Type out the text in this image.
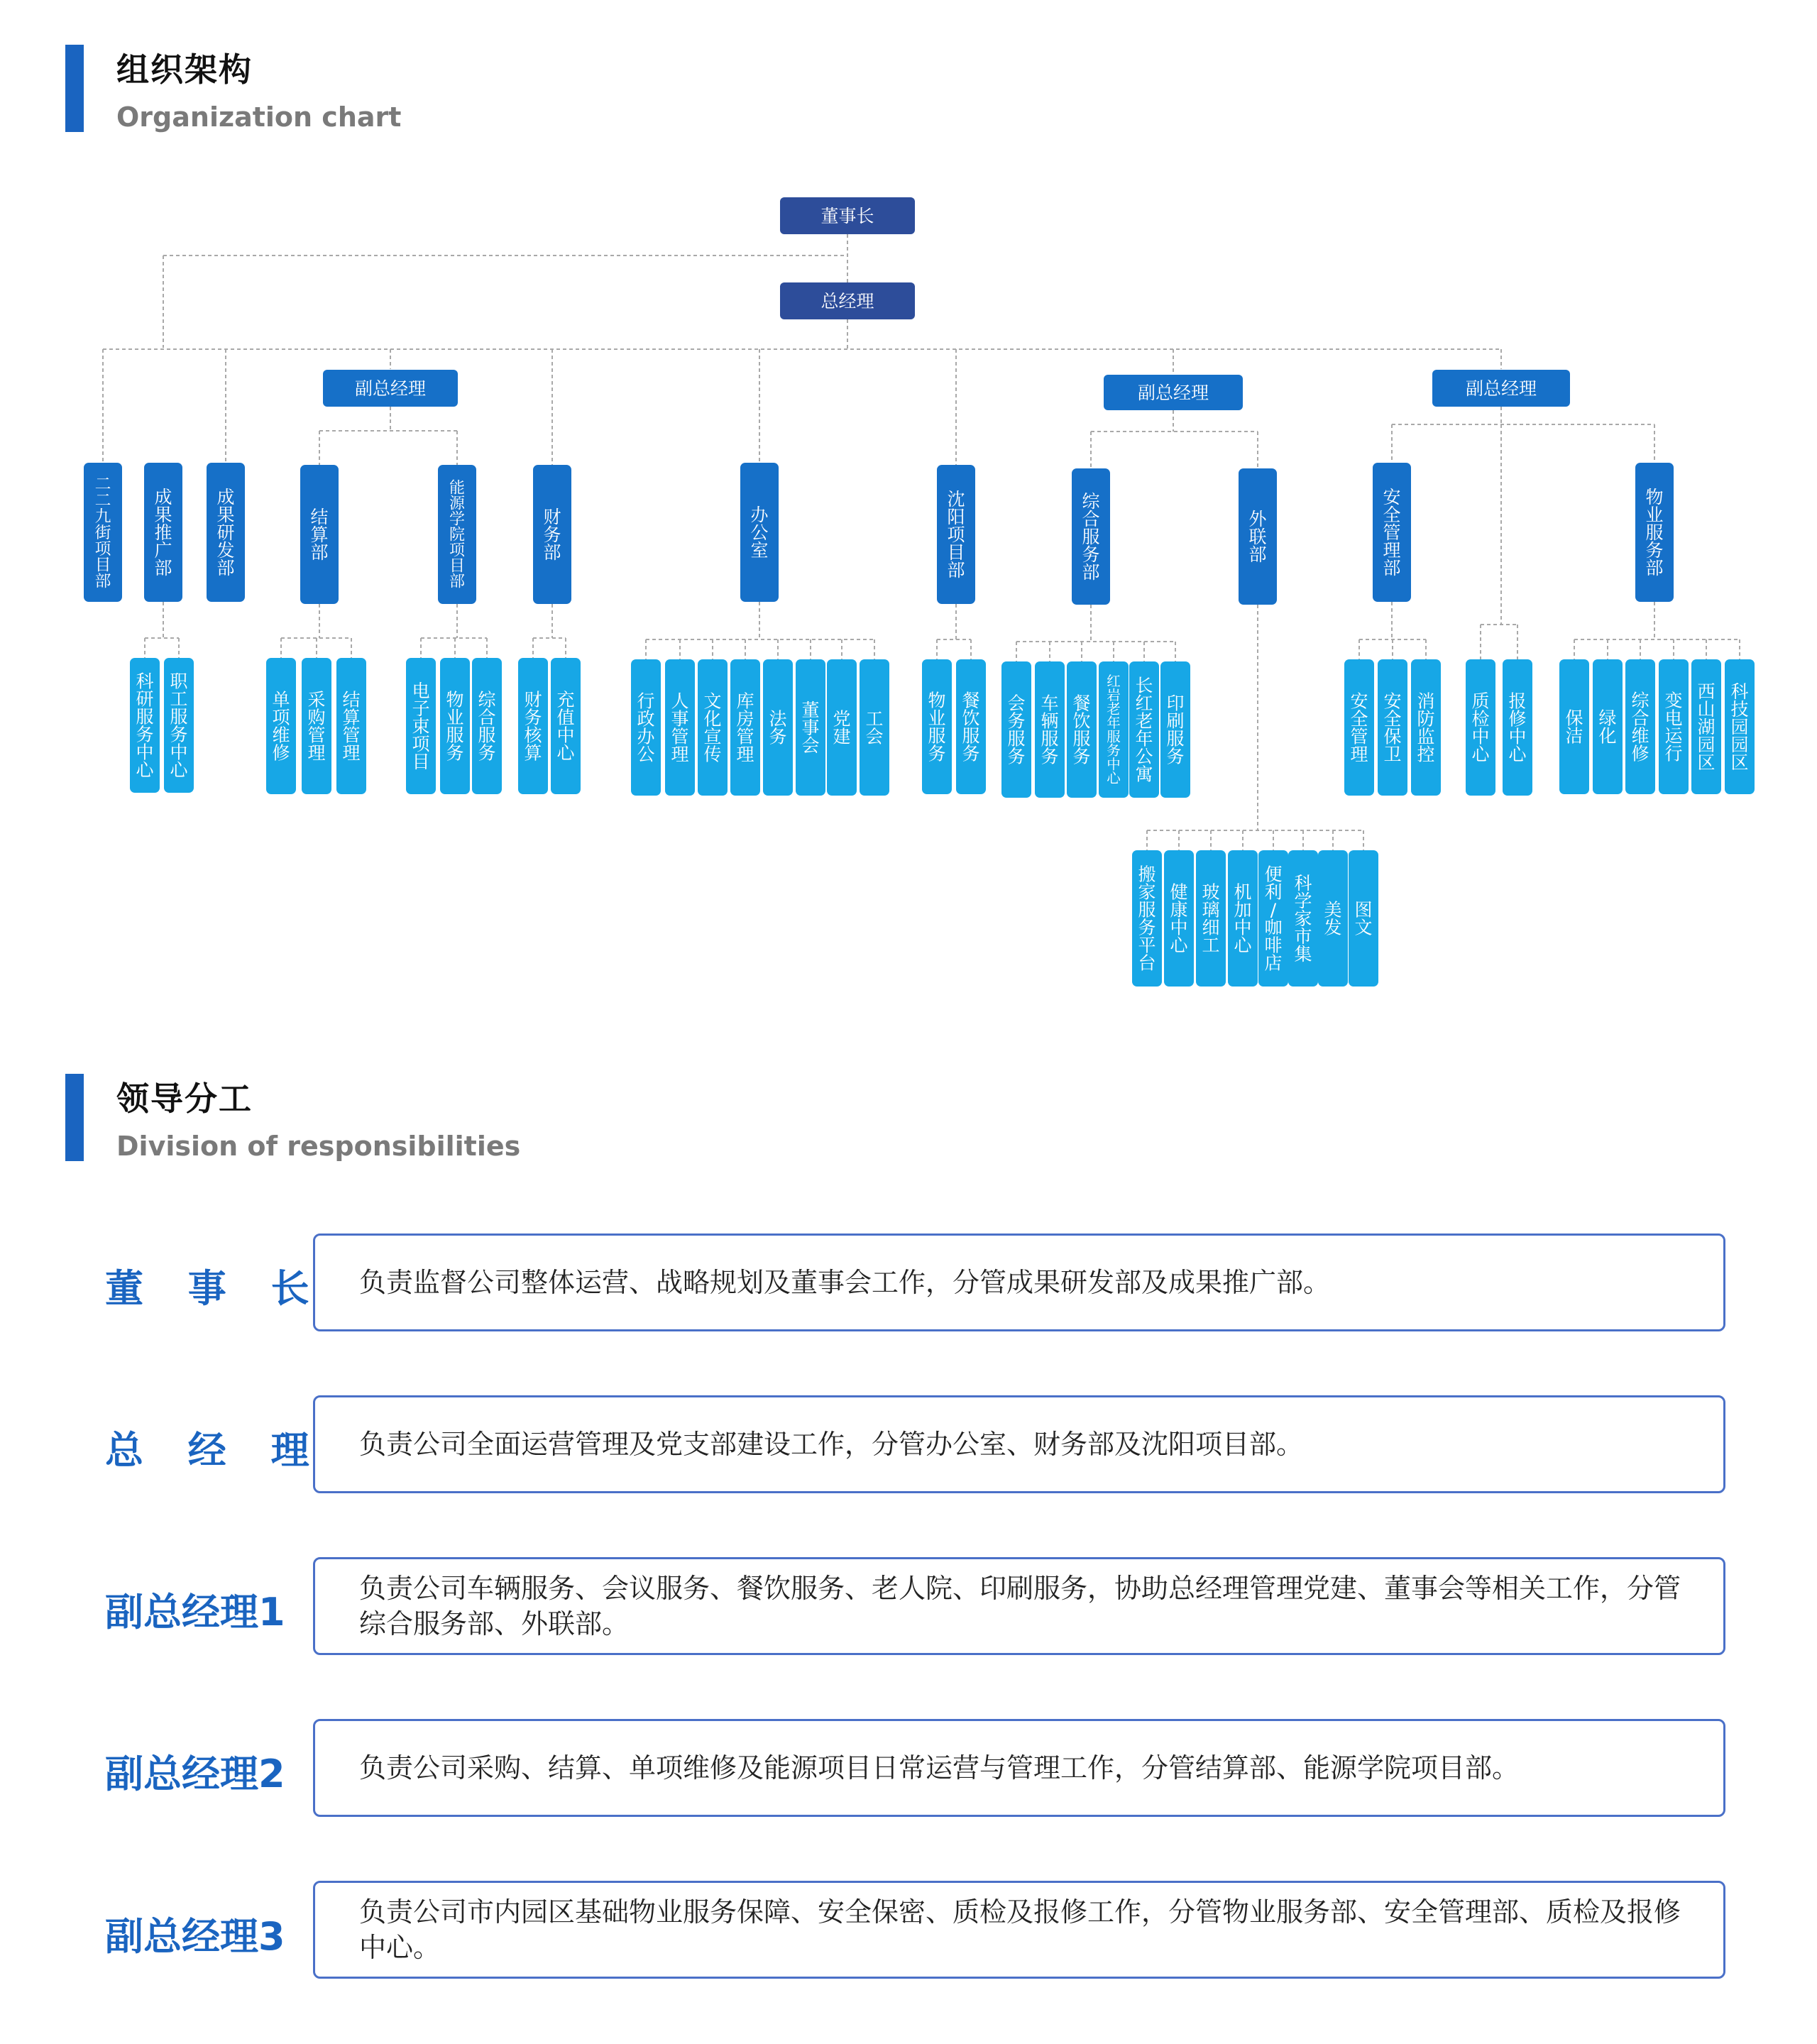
组织架构
Organization chart
董事长
总经理
二二九街项目部
成果推广部
成果研发部
科研服务中心
职工服务中心
副总经理
结算部
能源学院项目部
单项维修
采购管理
结算管理
电子束项目
物业服务
综合服务
财务部
财务核算
充值中心
办公室
行政办公
人事管理
文化宣传
库房管理
法务
董事会
党建
工会
沈阳项目部
物业服务
餐饮服务
副总经理
综合服务部
外联部
会务服务
车辆服务
餐饮服务
红岩老年服务中心
长红老年公寓
印刷服务
搬家服务平台
健康中心
玻璃细工
机加中心
便利/咖啡店
科学家市集
美发
图文
副总经理
安全管理部
物业服务部
安全管理
安全保卫
消防监控
质检中心
报修中心
保洁
绿化
综合维修
变电运行
西山湖园区
科技园园区
领导分工
Division of responsibilities
董 事 长 负责监督公司整体运营、战略规划及董事会工作，分管成果研发部及成果推广部。
总 经 理 负责公司全面运营管理及党支部建设工作，分管办公室、财务部及沈阳项目部。
副总经理1
负责公司车辆服务、会议服务、餐饮服务、老人院、印刷服务，协助总经理管理党建、董事会等相关工作，分管综合服务部、外联部。
副总经理2	负责公司采购、结算、单项维修及能源项目日常运营与管理工作，分管结算部、能源学院项目部。
副总经理3
负责公司市内园区基础物业服务保障、安全保密、质检及报修工作，分管物业服务部、安全管理部、质检及报修中心。
